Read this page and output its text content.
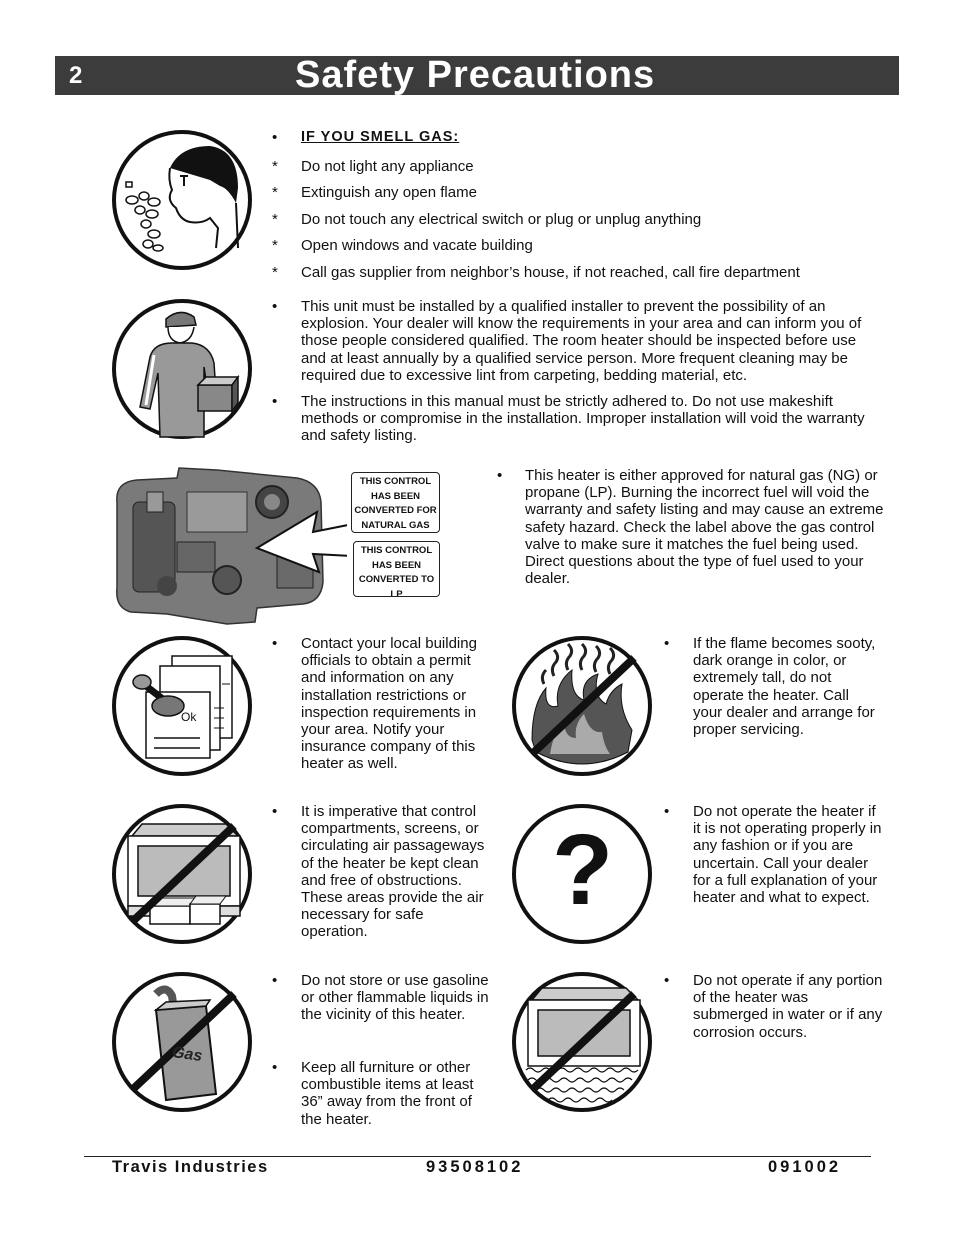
2	Safety Precautions
• IF YOU SMELL GAS:
* Do not light any appliance
* Extinguish any open flame
* Do not touch any electrical switch or plug or unplug anything
* Open windows and vacate building
* Call gas supplier from neighbor’s house, if not reached, call fire department
• This unit must be installed by a qualified installer to prevent the possibility of an
explosion. Your dealer will know the requirements in your area and can inform you of
those people considered qualified. The room heater should be inspected before use
and at least annually by a qualified service person. More frequent cleaning may be
required due to excessive lint from carpeting, bedding material, etc.
• The instructions in this manual must be strictly adhered to. Do not use makeshift
methods or compromise in the installation. Improper installation will void the warranty
and safety listing.
THIS CONTROL
HAS BEEN
CONVERTED FOR
NATURAL GAS
THIS CONTROL
HAS BEEN
CONVERTED TO
LP
• This heater is either approved for natural gas (NG) or
propane (LP). Burning the incorrect fuel will void the
warranty and safety listing and may cause an extreme
safety hazard. Check the label above the gas control
valve to make sure it matches the fuel being used.
Direct questions about the type of fuel used to your
dealer.
Ok
• Contact your local building
officials to obtain a permit
and information on any
installation restrictions or
inspection requirements in
your area. Notify your
insurance company of this
heater as well.
• If the flame becomes sooty,
dark orange in color, or
extremely tall, do not
operate the heater. Call
your dealer and arrange for
proper servicing.
• It is imperative that control
compartments, screens, or
circulating air passageways
of the heater be kept clean
and free of obstructions.
These areas provide the air
necessary for safe
operation.
?
• Do not operate the heater if
it is not operating properly in
any fashion or if you are
uncertain. Call your dealer
for a full explanation of your
heater and what to expect.
Gas
• Do not store or use gasoline
or other flammable liquids in
the vicinity of this heater.
• Keep all furniture or other
combustible items at least
36” away from the front of
the heater.
• Do not operate if any portion
of the heater was
submerged in water or if any
corrosion occurs.
Travis Industries	93508102	091002
